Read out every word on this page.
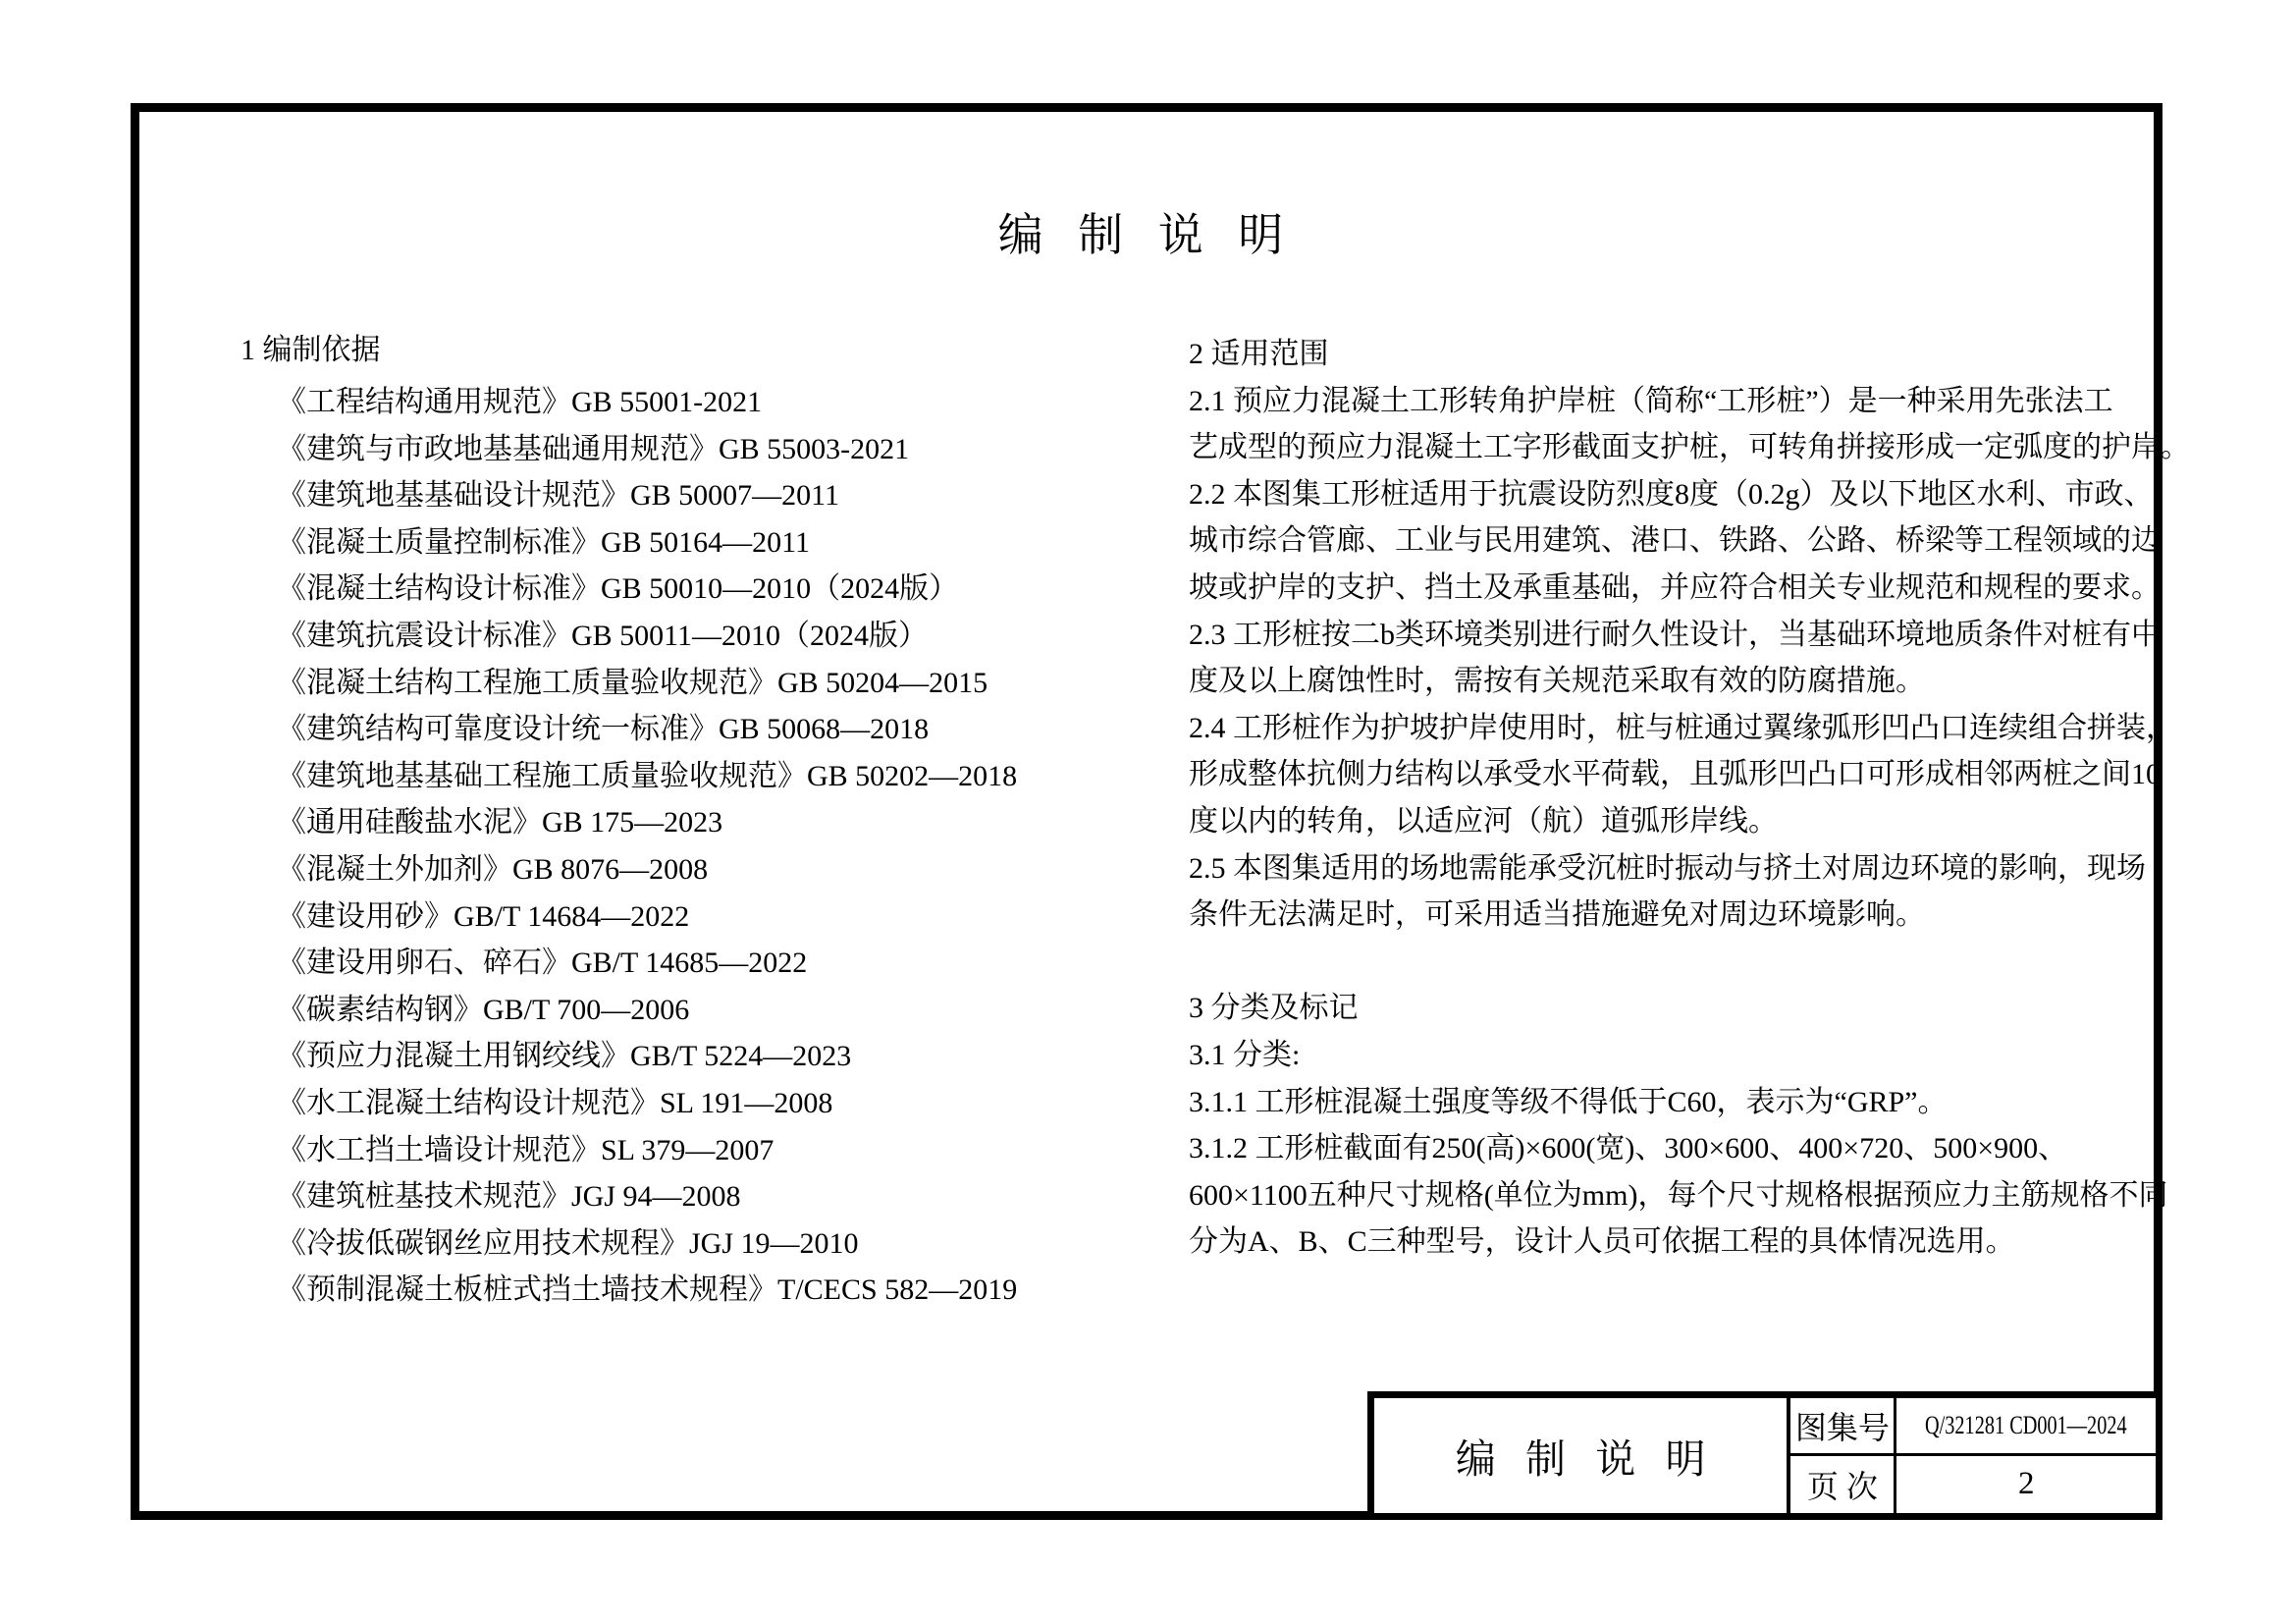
编 制 说 明
1 编制依据
《工程结构通用规范》GB 55001-2021
《建筑与市政地基基础通用规范》GB 55003-2021
《建筑地基基础设计规范》GB 50007—2011
《混凝土质量控制标准》GB 50164—2011
《混凝土结构设计标准》GB 50010—2010（2024版）
《建筑抗震设计标准》GB 50011—2010（2024版）
《混凝土结构工程施工质量验收规范》GB 50204—2015
《建筑结构可靠度设计统一标准》GB 50068—2018
《建筑地基基础工程施工质量验收规范》GB 50202—2018
《通用硅酸盐水泥》GB 175—2023
《混凝土外加剂》GB 8076—2008
《建设用砂》GB/T 14684—2022
《建设用卵石、碎石》GB/T 14685—2022
《碳素结构钢》GB/T 700—2006
《预应力混凝土用钢绞线》GB/T 5224—2023
《水工混凝土结构设计规范》SL 191—2008
《水工挡土墙设计规范》SL 379—2007
《建筑桩基技术规范》JGJ 94—2008
《冷拔低碳钢丝应用技术规程》JGJ 19—2010
《预制混凝土板桩式挡土墙技术规程》T/CECS 582—2019
2 适用范围
2.1 预应力混凝土工形转角护岸桩（简称“工形桩”）是一种采用先张法工
艺成型的预应力混凝土工字形截面支护桩，可转角拼接形成一定弧度的护岸。
2.2 本图集工形桩适用于抗震设防烈度8度（0.2g）及以下地区水利、市政、
城市综合管廊、工业与民用建筑、港口、铁路、公路、桥梁等工程领域的边
坡或护岸的支护、挡土及承重基础，并应符合相关专业规范和规程的要求。
2.3 工形桩按二b类环境类别进行耐久性设计，当基础环境地质条件对桩有中
度及以上腐蚀性时，需按有关规范采取有效的防腐措施。
2.4 工形桩作为护坡护岸使用时，桩与桩通过翼缘弧形凹凸口连续组合拼装，
形成整体抗侧力结构以承受水平荷载，且弧形凹凸口可形成相邻两桩之间10
度以内的转角，以适应河（航）道弧形岸线。
2.5 本图集适用的场地需能承受沉桩时振动与挤土对周边环境的影响，现场
条件无法满足时，可采用适当措施避免对周边环境影响。
3 分类及标记
3.1 分类:
3.1.1 工形桩混凝土强度等级不得低于C60，表示为“GRP”。
3.1.2 工形桩截面有250(高)×600(宽)、300×600、400×720、500×900、
600×1100五种尺寸规格(单位为mm)，每个尺寸规格根据预应力主筋规格不同
分为A、B、C三种型号，设计人员可依据工程的具体情况选用。
编 制 说 明
图集号 Q/321281 CD001—2024
页 次	2
